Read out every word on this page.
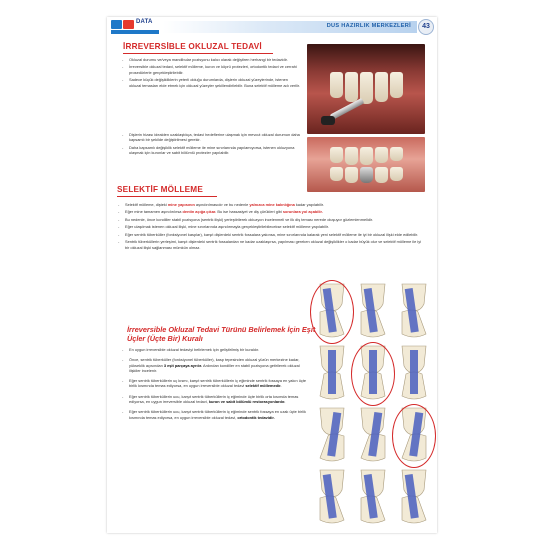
DATA
DUS HAZIRLIK MERKEZLERİ	43
İRREVERSİBLE OKLUZAL TEDAVİ
- Okluzal durumu ve/veya mandibular pozisyonu kalıcı olarak değiştiren herhangi bir tedavidir.
- İrreversible okluzal tedavi, selektif mölleme, kuron ve köprü protezleri, ortodontik tedavi ve cerrahi prosedürlerle gerçekleştirilebilir.
- Sadece küçük değişikliklerin yeterli olduğu durumlarda, dişlerin okluzal yüzeylerinde, istenen okluzal temasları elde etmek için okluzal yüzeyler şekillendirilebilir. Buna selektif mölleme adı verilir.
- Dişlerin hizası idealden uzaklaştıkça, tedavi hedeflerine ulaşmak için mevcut okluzal durumun daha kapsamlı bir şekilde değiştirilmesi gerekir.
- Daha kapsamlı değişiklik selektif mölleme ile mine sınırlarında yapılamıyorsa, istenen okluzyona ulaşmak için kuronlar ve sabit bölümlü protezler yapılabilir.
SELEKTİF MÖLLEME
- Selektif mölleme, dişteki mine yapısının aşındırılmasıdır ve bu nedenle yalnızca mine kalınlığına kadar yapılabilir.
- Eğer mine tamamen aşındırılırsa dentin açığa çıkar. Bu ise hassasiyet ve diş çürükleri gibi sorunlara yol açabilir.
- Bu nedenle, önce kondiller stabil pozisyona (sentrik ilişki) yerleştirilerek okluzyon incelenmeli ve ilk diş teması nerede oluşuyor gözlemlenmelidir.
- Eğer ulaşılmak istenen okluzal ilişki, mine sınırlarında aşındırmayla gerçekleştirilebilecekse selektif mölleme yapılabilir.
- Eğer sentrik tüberküller (fonksiyonel kasplar), karşıt dişlerdeki sentrik fossalara yakınsa, mine sınırlarında kalarak yeni selektif mölleme ile iyi bir okluzal ilişki elde edilebilir.
- Sentrik tüberküllerin yerleşimi, karşıt dişlerdeki sentrik fossalardan ne kadar uzaklaşırsa, yapılması gereken okluzal değişiklikler o kadar büyük olur ve selektif mölleme ile iyi bir okluzal ilişki sağlanması mümkün olmaz.
İrreversible Okluzal Tedavi Türünü Belirlemek İçin Eşit Üçler (Üçte Bir) Kuralı
- En uygun irreversible okluzal tedaviyi belirlemek için geliştirilmiş bir kuraldır.
- Önce, sentrik tüberküller (fonksiyonel tüberküller), kasp tepesinden okluzal yüzün merkezine kadar, yükseklik açısından 3 eşit parçaya ayrılır. Ardından kondiller en stabil pozisyona getirilerek okluzal ilişkiler incelenir.
- Eğer sentrik tüberküllerin uç kısmı, karşıt sentrik tüberküllerin iç eğiminde sentrik fossaya en yakın üçte birlik kısmında temas ediyorsa, en uygun irreversible okluzal tedavi selektif möllemedir.
- Eğer sentrik tüberküllerin ucu, karşıt sentrik tüberküllerin iç eğiminde üçte birlik orta kısımda temas ediyorsa, en uygun irreversible okluzal tedavi, kuron ve sabit bölümlü restorasyonlardır.
- Eğer sentrik tüberküllerin ucu, karşıt sentrik tüberküllerin iç eğiminde sentrik fossaya en uzak üçte birlik kısmında temas ediyorsa, en uygun irreversible okluzal tedavi, ortodontik tedavidir.
